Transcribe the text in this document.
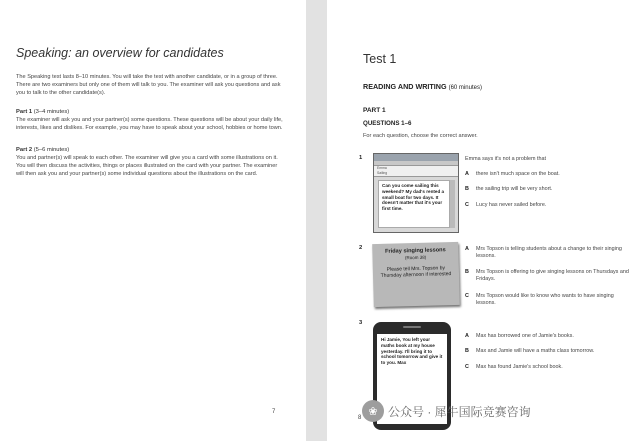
Speaking: an overview for candidates

The Speaking test lasts 8–10 minutes. You will take the test with another candidate, or in a group of three. There are two examiners but only one of them will talk to you. The examiner will ask you questions and ask you to talk to the other candidate(s).

Part 1 (3–4 minutes)

The examiner will ask you and your partner(s) some questions. These questions will be about your daily life, interests, likes and dislikes. For example, you may have to speak about your school, hobbies or home town.

Part 2 (5–6 minutes)

You and partner(s) will speak to each other. The examiner will give you a card with some illustrations on it. You will then discuss the activities, things or places illustrated on the card with your partner. The examiner will then ask you and your partner(s) some individual questions about the illustrations on the card.

7
Test 1
READING AND WRITING (60 minutes)
PART 1
QUESTIONS 1–6
For each question, choose the correct answer.
1
Emma
Sailing
Can you come sailing this weekend? My dad's rented a small boat for two days. It doesn't matter that it's your first time.
Emma says it's not a problem that
A there isn't much space on the boat.
B the sailing trip will be very short.
C Lucy has never sailed before.
2	Friday singing lessons
(Room 38)
Please tell Mrs. Topson by Thursday afternoon if interested
A Mrs Topson is telling students about a change to their singing lessons.
B Mrs Topson is offering to give singing lessons on Thursdays and Fridays.
C Mrs Topson would like to know who wants to have singing lessons.
3
Hi Jamie, You left your maths book at my house yesterday. I'll bring it to school tomorrow and give it to you. Max
A Max has borrowed one of Jamie's books.
B Max and Jamie will have a maths class tomorrow.
C Max has found Jamie's school book.
8
❀ 公众号 · 犀牛国际竞赛咨询
